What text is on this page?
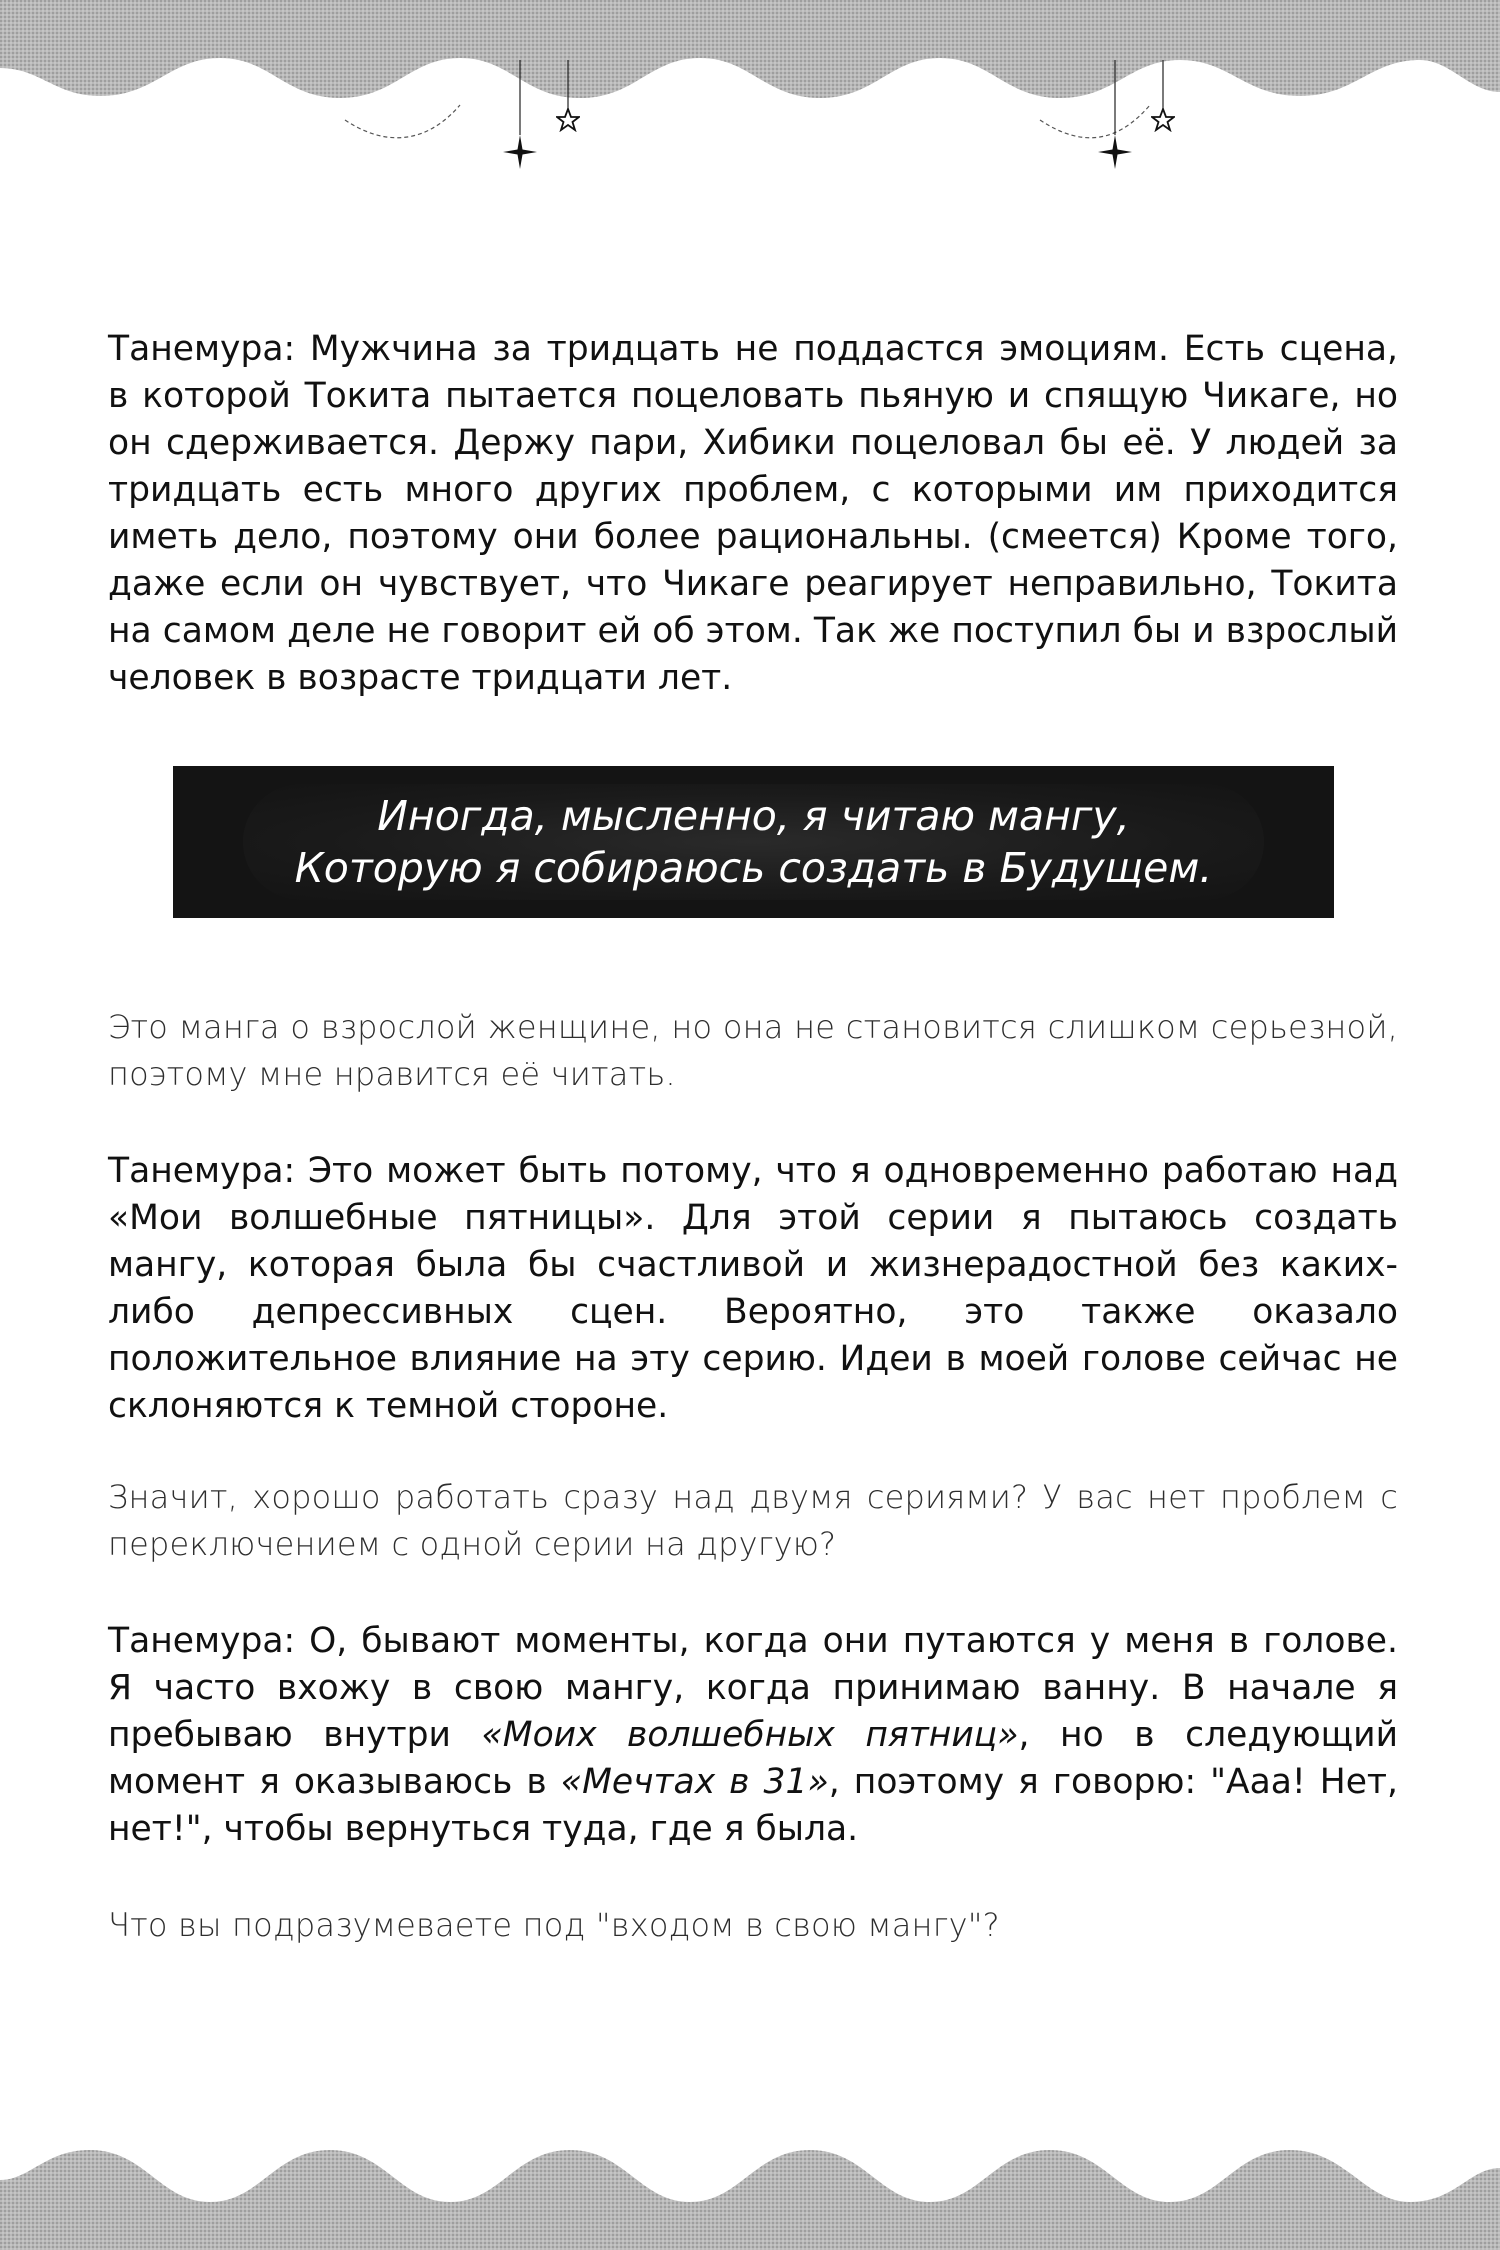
Танемура: Мужчина за тридцать не поддастся эмоциям. Есть сцена, в которой Токита пытается поцеловать пьяную и спящую Чикаге, но он сдерживается. Держу пари, Хибики поцеловал бы её. У людей за тридцать есть много других проблем, с которыми им приходится иметь дело, поэтому они более рациональны. (смеется) Кроме того, даже если он чувствует, что Чикаге реагирует неправильно, Токита на самом деле не говорит ей об этом. Так же поступил бы и взрослый человек в возрасте тридцати лет.

Иногда, мысленно, я читаю мангу,
Которую я собираюсь создать в Будущем.

Это манга о взрослой женщине, но она не становится слишком серьезной, поэтому мне нравится её читать.

Танемура: Это может быть потому, что я одновременно работаю над «Мои волшебные пятницы». Для этой серии я пытаюсь создать мангу, которая была бы счастливой и жизнерадостной без каких-либо депрессивных сцен. Вероятно, это также оказало положительное влияние на эту серию. Идеи в моей голове сейчас не склоняются к темной стороне.

Значит, хорошо работать сразу над двумя сериями? У вас нет проблем с переключением с одной серии на другую?

Танемура: О, бывают моменты, когда они путаются у меня в голове. Я часто вхожу в свою мангу, когда принимаю ванну. В начале я пребываю внутри «Моих волшебных пятниц», но в следующий момент я оказываюсь в «Мечтах в 31», поэтому я говорю: "Ааа! Нет, нет!", чтобы вернуться туда, где я была.

Что вы подразумеваете под "входом в свою мангу"?
